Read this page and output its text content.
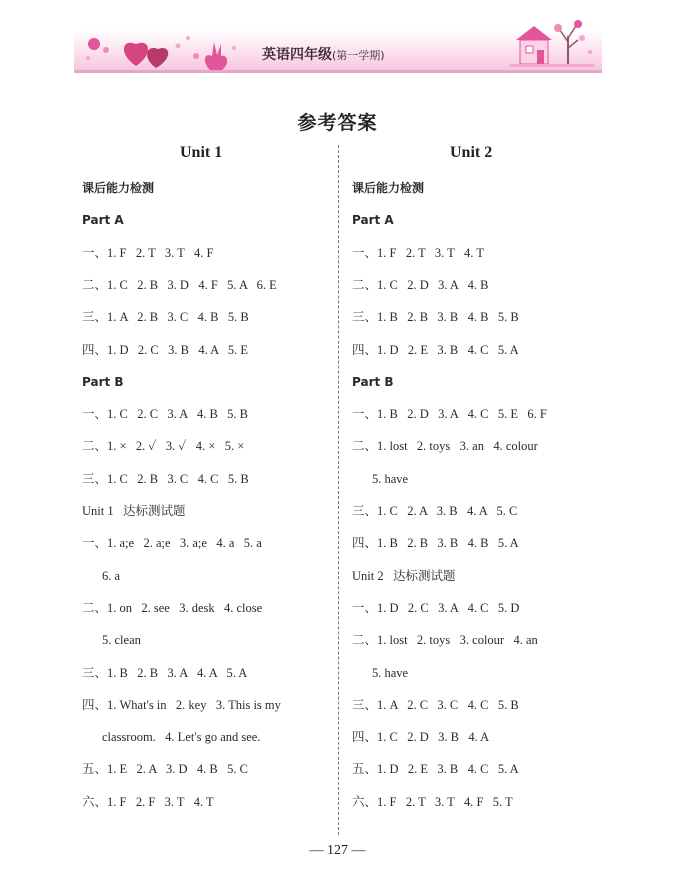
英语四年级(第一学期)
参考答案
Unit 1
课后能力检测
Part A
一、1. F   2. T   3. T   4. F
二、1. C   2. B   3. D   4. F   5. A   6. E
三、1. A   2. B   3. C   4. B   5. B
四、1. D   2. C   3. B   4. A   5. E
Part B
一、1. C   2. C   3. A   4. B   5. B
二、1. ×   2. ✓   3. ✓   4. ×   5. ×
三、1. C   2. B   3. C   4. C   5. B
Unit 1   达标测试题
一、1. a;e   2. a;e   3. a;e   4. a   5. a
6. a
二、1. on   2. see   3. desk   4. close
5. clean
三、1. B   2. B   3. A   4. A   5. A
四、1. What's in   2. key   3. This is my
classroom.   4. Let's go and see.
五、1. E   2. A   3. D   4. B   5. C
六、1. F   2. F   3. T   4. T
Unit 2
课后能力检测
Part A
一、1. F   2. T   3. T   4. T
二、1. C   2. D   3. A   4. B
三、1. B   2. B   3. B   4. B   5. B
四、1. D   2. E   3. B   4. C   5. A
Part B
一、1. B   2. D   3. A   4. C   5. E   6. F
二、1. lost   2. toys   3. an   4. colour
5. have
三、1. C   2. A   3. B   4. A   5. C
四、1. B   2. B   3. B   4. B   5. A
Unit 2   达标测试题
一、1. D   2. C   3. A   4. C   5. D
二、1. lost   2. toys   3. colour   4. an
5. have
三、1. A   2. C   3. C   4. C   5. B
四、1. C   2. D   3. B   4. A
五、1. D   2. E   3. B   4. C   5. A
六、1. F   2. T   3. T   4. F   5. T
— 127 —
